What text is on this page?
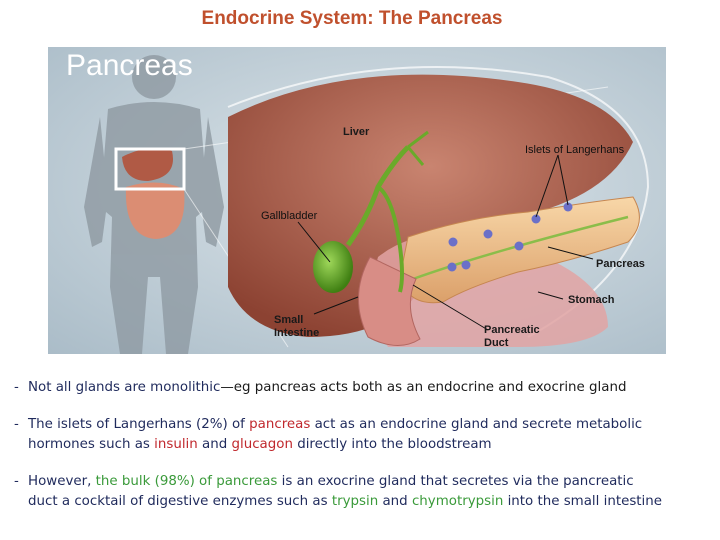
Endocrine System: The Pancreas
Pancreas
Liver
Islets of Langerhans
Gallbladder
Pancreas
Stomach
Small
Intestine	Pancreatic
Duct
- Not all glands are monolithic—eg pancreas acts both as an endocrine and exocrine gland
- The islets of Langerhans (2%) of pancreas act as an endocrine gland and secrete metabolic
hormones such as insulin and glucagon directly into the bloodstream
- However, the bulk (98%) of pancreas is an exocrine gland that secretes via the pancreatic
duct a cocktail of digestive enzymes such as trypsin and chymotrypsin into the small intestine
